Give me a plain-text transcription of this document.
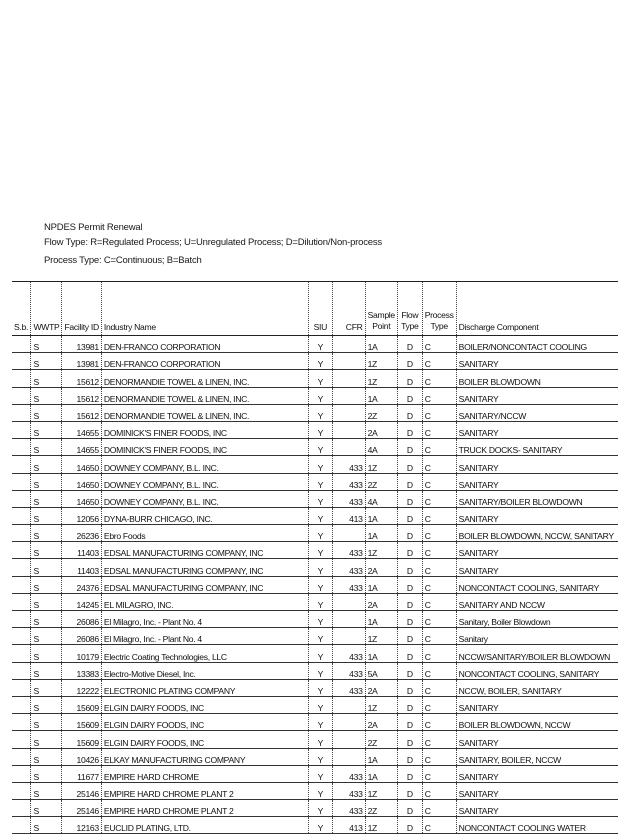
NPDES Permit Renewal
Flow Type: R=Regulated Process; U=Unregulated Process; D=Dilution/Non-process
Process Type: C=Continuous; B=Batch
S.b.	WWTP	Facility ID	Industry Name	SIU	CFR	Sample Point	Flow Type	Process Type	Discharge Component
	S	13981	DEN-FRANCO CORPORATION	Y		1A	D	C	BOILER/NONCONTACT COOLING
	S	13981	DEN-FRANCO CORPORATION	Y		1Z	D	C	SANITARY
	S	15612	DENORMANDIE TOWEL & LINEN, INC.	Y		1Z	D	C	BOILER BLOWDOWN
	S	15612	DENORMANDIE TOWEL & LINEN, INC.	Y		1A	D	C	SANITARY
	S	15612	DENORMANDIE TOWEL & LINEN, INC.	Y		2Z	D	C	SANITARY/NCCW
	S	14655	DOMINICK'S FINER FOODS, INC	Y		2A	D	C	SANITARY
	S	14655	DOMINICK'S FINER FOODS, INC	Y		4A	D	C	TRUCK DOCKS- SANITARY
	S	14650	DOWNEY COMPANY, B.L. INC.	Y	433	1Z	D	C	SANITARY
	S	14650	DOWNEY COMPANY, B.L. INC.	Y	433	2Z	D	C	SANITARY
	S	14650	DOWNEY COMPANY, B.L. INC.	Y	433	4A	D	C	SANITARY/BOILER BLOWDOWN
	S	12056	DYNA-BURR CHICAGO, INC.	Y	413	1A	D	C	SANITARY
	S	26236	Ebro Foods	Y		1A	D	C	BOILER BLOWDOWN, NCCW, SANITARY
	S	11403	EDSAL MANUFACTURING COMPANY, INC	Y	433	1Z	D	C	SANITARY
	S	11403	EDSAL MANUFACTURING COMPANY, INC	Y	433	2A	D	C	SANITARY
	S	24376	EDSAL MANUFACTURING COMPANY, INC	Y	433	1A	D	C	NONCONTACT COOLING, SANITARY
	S	14245	EL MILAGRO, INC.	Y		2A	D	C	SANITARY AND NCCW
	S	26086	El Milagro, Inc. - Plant No. 4	Y		1A	D	C	Sanitary, Boiler Blowdown
	S	26086	El Milagro, Inc. - Plant No. 4	Y		1Z	D	C	Sanitary
	S	10179	Electric Coating Technologies, LLC	Y	433	1A	D	C	NCCW/SANITARY/BOILER BLOWDOWN
	S	13383	Electro-Motive Diesel, Inc.	Y	433	5A	D	C	NONCONTACT COOLING, SANITARY
	S	12222	ELECTRONIC PLATING COMPANY	Y	433	2A	D	C	NCCW, BOILER, SANITARY
	S	15609	ELGIN DAIRY FOODS, INC	Y		1Z	D	C	SANITARY
	S	15609	ELGIN DAIRY FOODS, INC	Y		2A	D	C	BOILER BLOWDOWN, NCCW
	S	15609	ELGIN DAIRY FOODS, INC	Y		2Z	D	C	SANITARY
	S	10426	ELKAY MANUFACTURING COMPANY	Y		1A	D	C	SANITARY, BOILER, NCCW
	S	11677	EMPIRE HARD CHROME	Y	433	1A	D	C	SANITARY
	S	25146	EMPIRE HARD CHROME PLANT 2	Y	433	1Z	D	C	SANITARY
	S	25146	EMPIRE HARD CHROME PLANT 2	Y	433	2Z	D	C	SANITARY
	S	12163	EUCLID PLATING, LTD.	Y	413	1Z	D	C	NONCONTACT COOLING WATER
